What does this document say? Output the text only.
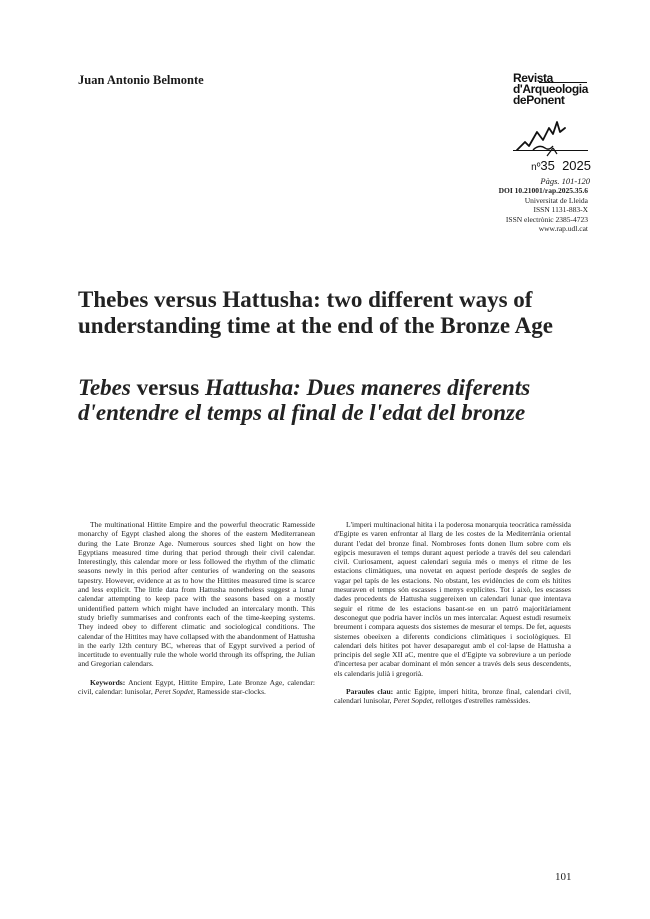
Juan Antonio Belmonte	Revista
d'Arqueologia
dePonent
nº35 2025
Pàgs. 101-120
DOI 10.21001/rap.2025.35.6
Universitat de Lleida
ISSN 1131-883-X
ISSN electrònic 2385-4723
www.rap.udl.cat
Thebes versus Hattusha: two different ways of understanding time at the end of the Bronze Age
Tebes versus Hattusha: Dues maneres diferents d'entendre el temps al final de l'edat del bronze

The multinational Hittite Empire and the powerful theocratic Ramesside monarchy of Egypt clashed along the shores of the eastern Mediterranean during the Late Bronze Age. Numerous sources shed light on how the Egyptians measured time during that period through their civil calendar. Interestingly, this calendar more or less followed the rhythm of the climatic seasons newly in this period after centuries of wandering on the seasons tapestry. However, evidence at as to how the Hittites measured time is scarce and less explicit. The little data from Hattusha nonetheless suggest a lunar calendar attempting to keep pace with the seasons based on a mostly unidentified pattern which might have included an intercalary month. This study briefly summarises and confronts each of the time-keeping systems. They indeed obey to different climatic and sociological conditions. The calendar of the Hittites may have collapsed with the abandonment of Hattusha in the early 12th century BC, whereas that of Egypt survived a period of incertitude to eventually rule the whole world through its offspring, the Julian and Gregorian calendars.

Keywords: Ancient Egypt, Hittite Empire, Late Bronze Age, calendar: civil, calendar: lunisolar, Peret Sopdet, Ramesside star-clocks.

L'imperi multinacional hitita i la poderosa monarquia teocràtica ramèssida d'Egipte es varen enfrontar al llarg de les costes de la Mediterrània oriental durant l'edat del bronze final. Nombroses fonts donen llum sobre com els egipcis mesuraven el temps durant aquest període a través del seu calendari civil. Curiosament, aquest calendari seguia més o menys el ritme de les estacions climàtiques, una novetat en aquest període després de segles de vagar pel tapís de les estacions. No obstant, les evidències de com els hitites mesuraven el temps són escasses i menys explícites. Tot i això, les escasses dades procedents de Hattusha suggereixen un calendari lunar que intentava seguir el ritme de les estacions basant-se en un patró majoritàriament desconegut que podria haver inclòs un mes intercalar. Aquest estudi resumeix breument i compara aquests dos sistemes de mesurar el temps. De fet, aquests sistemes obeeixen a diferents condicions climàtiques i sociològiques. El calendari dels hitites pot haver desaparegut amb el col·lapse de Hattusha a principis del segle XII aC, mentre que el d'Egipte va sobreviure a un període d'incertesa per acabar dominant el món sencer a través dels seus descendents, els calendaris julià i gregorià.

Paraules clau: antic Egipte, imperi hitita, bronze final, calendari civil, calendari lunisolar, Peret Sopdet, rellotges d'estrelles ramèssides.

101
